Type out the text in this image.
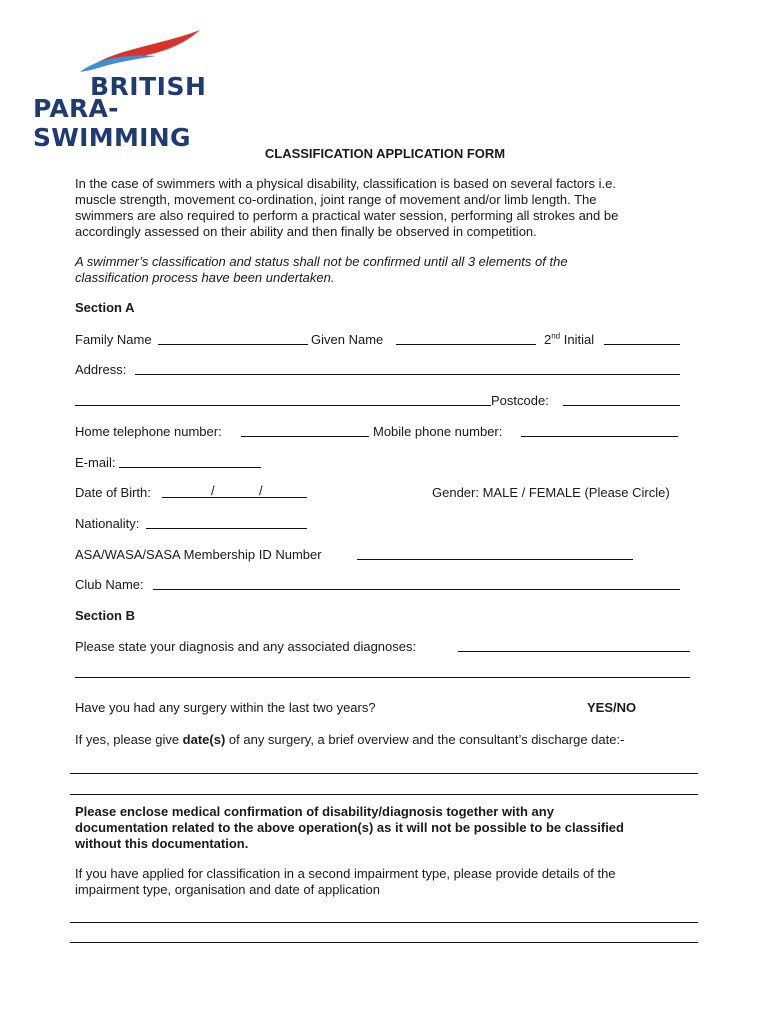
BRITISH
PARA-SWIMMING
CLASSIFICATION APPLICATION FORM
In the case of swimmers with a physical disability, classification is based on several factors i.e.
muscle strength, movement co-ordination, joint range of movement and/or limb length. The
swimmers are also required to perform a practical water session, performing all strokes and be
accordingly assessed on their ability and then finally be observed in competition.
A swimmer’s classification and status shall not be confirmed until all 3 elements of the
classification process have been undertaken.
Section A
Family Name	Given Name	2nd Initial
Address:
Postcode:
Home telephone number:	Mobile phone number:
E-mail:
Date of Birth:	/	/	Gender: MALE / FEMALE (Please Circle)
Nationality:
ASA/WASA/SASA Membership ID Number
Club Name:
Section B
Please state your diagnosis and any associated diagnoses:
Have you had any surgery within the last two years?	YES/NO
If yes, please give date(s) of any surgery, a brief overview and the consultant’s discharge date:-
Please enclose medical confirmation of disability/diagnosis together with any
documentation related to the above operation(s) as it will not be possible to be classified
without this documentation.
If you have applied for classification in a second impairment type, please provide details of the
impairment type, organisation and date of application
